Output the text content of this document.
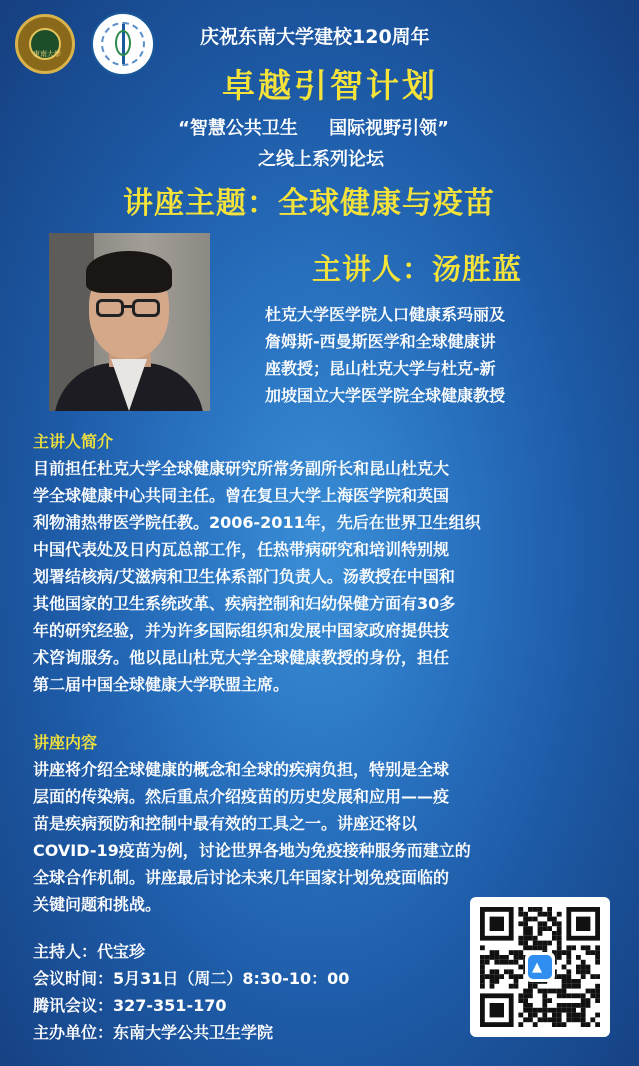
東南大學
庆祝东南大学建校120周年
卓越引智计划
“智慧公共卫生     国际视野引领”
之线上系列论坛
讲座主题：全球健康与疫苗
主讲人：汤胜蓝
杜克大学医学院人口健康系玛丽及
詹姆斯-西曼斯医学和全球健康讲
座教授；昆山杜克大学与杜克-新
加坡国立大学医学院全球健康教授
主讲人简介
目前担任杜克大学全球健康研究所常务副所长和昆山杜克大
学全球健康中心共同主任。曾在复旦大学上海医学院和英国
利物浦热带医学院任教。2006-2011年，先后在世界卫生组织
中国代表处及日内瓦总部工作，任热带病研究和培训特别规
划署结核病/艾滋病和卫生体系部门负责人。汤教授在中国和
其他国家的卫生系统改革、疾病控制和妇幼保健方面有30多
年的研究经验，并为许多国际组织和发展中国家政府提供技
术咨询服务。他以昆山杜克大学全球健康教授的身份，担任
第二届中国全球健康大学联盟主席。
讲座内容
讲座将介绍全球健康的概念和全球的疾病负担，特别是全球
层面的传染病。然后重点介绍疫苗的历史发展和应用——疫
苗是疾病预防和控制中最有效的工具之一。讲座还将以
COVID-19疫苗为例，讨论世界各地为免疫接种服务而建立的
全球合作机制。讲座最后讨论未来几年国家计划免疫面临的
关键问题和挑战。
主持人：代宝珍
会议时间：5月31日（周二）8:30-10：00
腾讯会议：327-351-170
主办单位：东南大学公共卫生学院
▲
